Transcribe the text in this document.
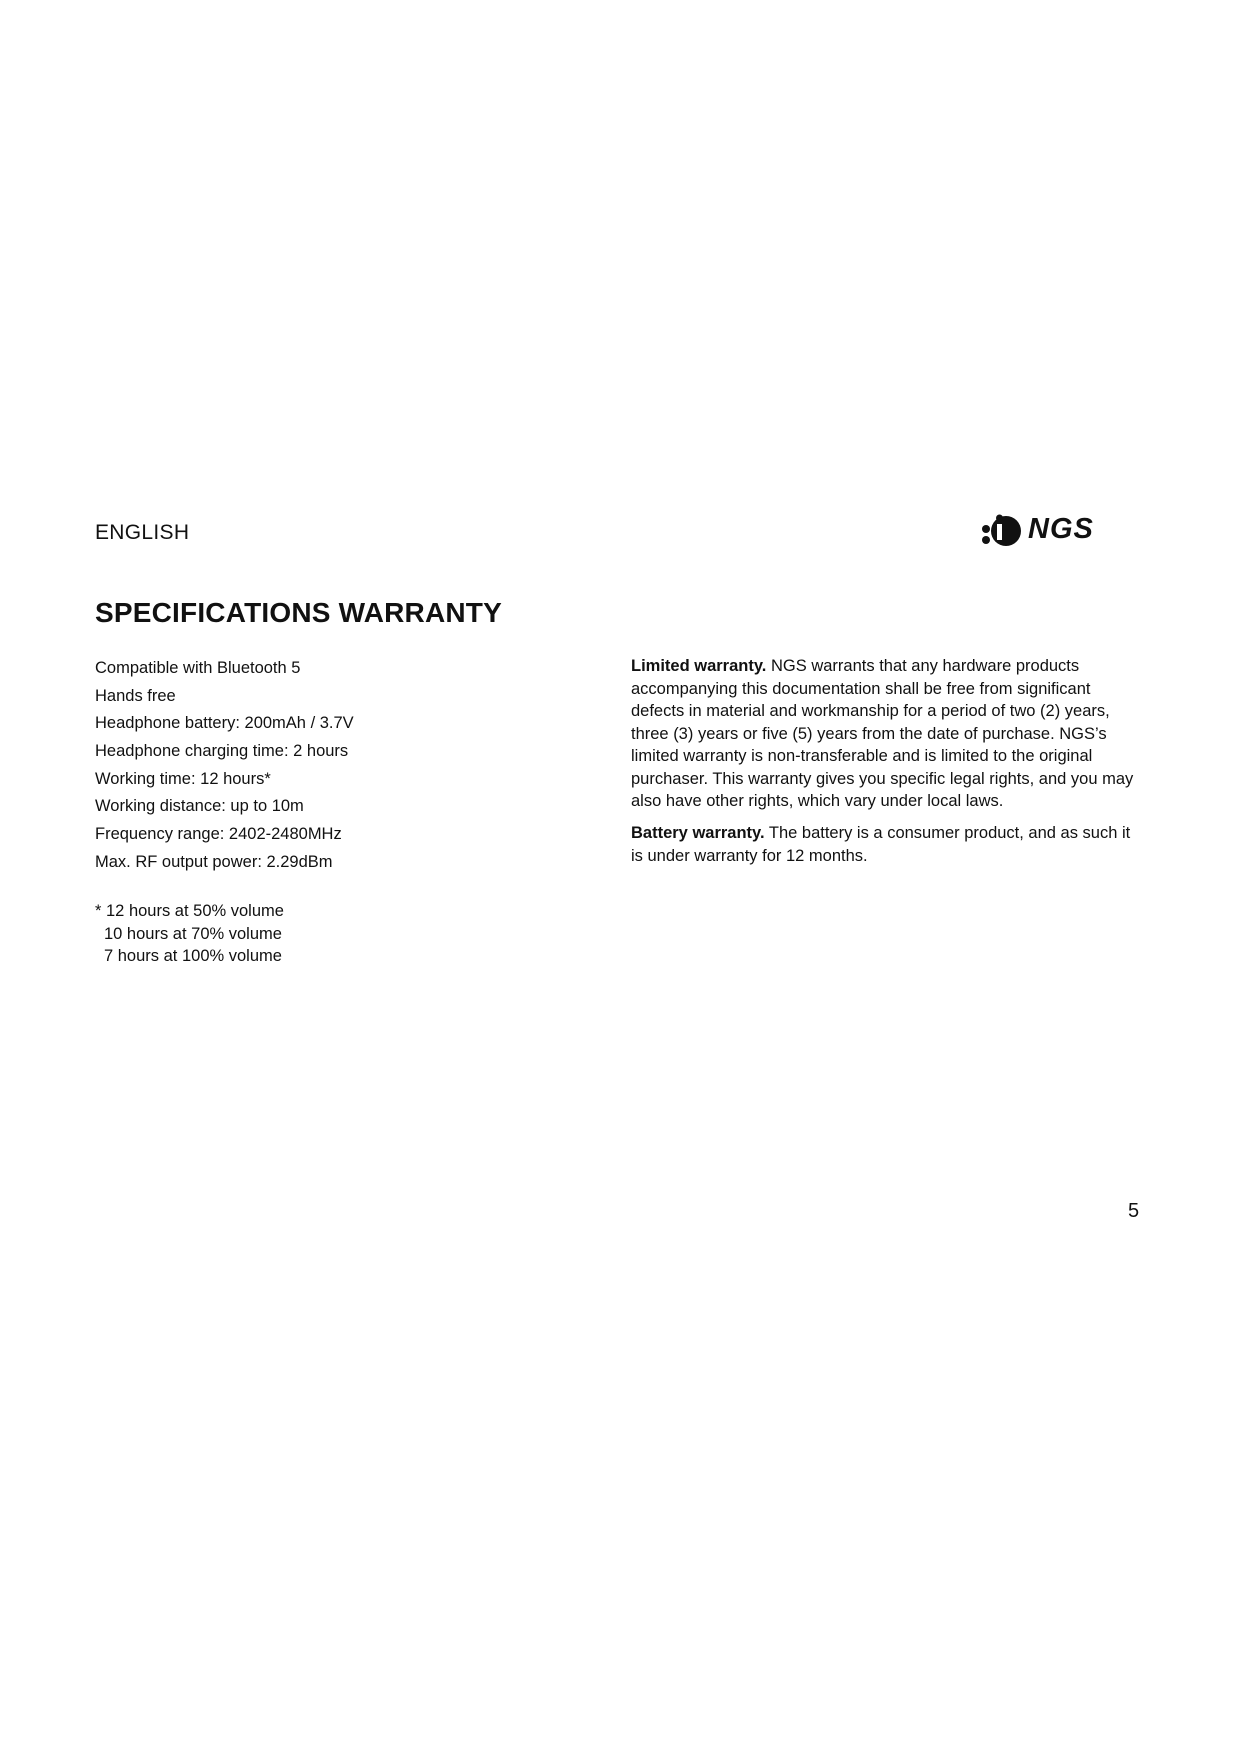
ENGLISH	NGS
SPECIFICATIONS WARRANTY
Compatible with Bluetooth 5
Hands free
Headphone battery: 200mAh / 3.7V
Headphone charging time: 2 hours
Working time: 12 hours*
Working distance: up to 10m
Frequency range: 2402-2480MHz
Max. RF output power: 2.29dBm
* 12 hours at 50% volume
10 hours at 70% volume
7 hours at 100% volume

Limited warranty. NGS warrants that any hardware products accompanying this documentation shall be free from significant defects in material and workmanship for a period of two (2) years, three (3) years or five (5) years from the date of purchase. NGS’s limited warranty is non-transferable and is limited to the original purchaser. This warranty gives you specific legal rights, and you may also have other rights, which vary under local laws.

Battery warranty. The battery is a consumer product, and as such it is under warranty for 12 months.

5
